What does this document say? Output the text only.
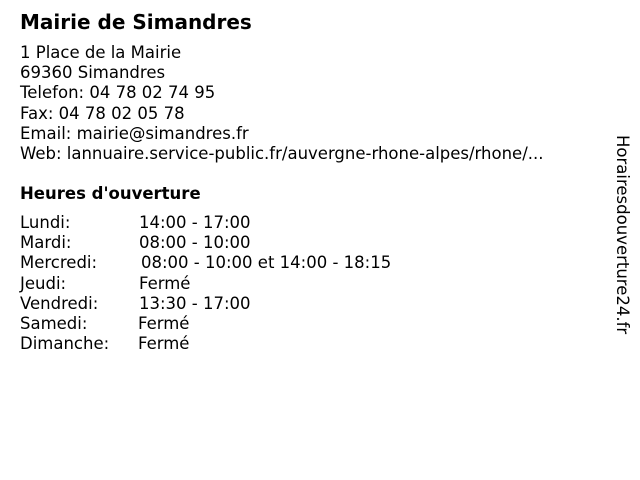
Mairie de Simandres
1 Place de la Mairie
69360 Simandres
Telefon: 04 78 02 74 95
Fax: 04 78 02 05 78
Email: mairie@simandres.fr
Web: lannuaire.service-public.fr/auvergne-rhone-alpes/rhone/...
Heures d'ouverture
Lundi:	14:00 - 17:00
Mardi:	08:00 - 10:00
Mercredi:	08:00 - 10:00 et 14:00 - 18:15
Jeudi:	Fermé
Vendredi: 13:30 - 17:00
Samedi:	Fermé
Dimanche: Fermé
Horairesdouverture24.fr
